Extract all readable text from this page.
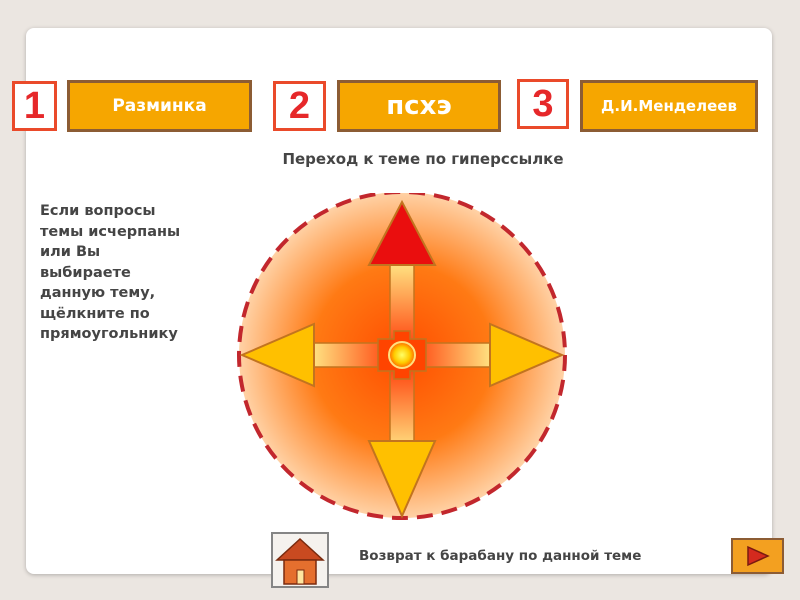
1	Разминка	2	псхэ	3	Д.И.Менделеев
Переход к теме по гиперссылке
Если вопросы
темы исчерпаны
или Вы
выбираете
данную тему,
щёлкните по
прямоугольнику
Возврат к барабану по данной теме
